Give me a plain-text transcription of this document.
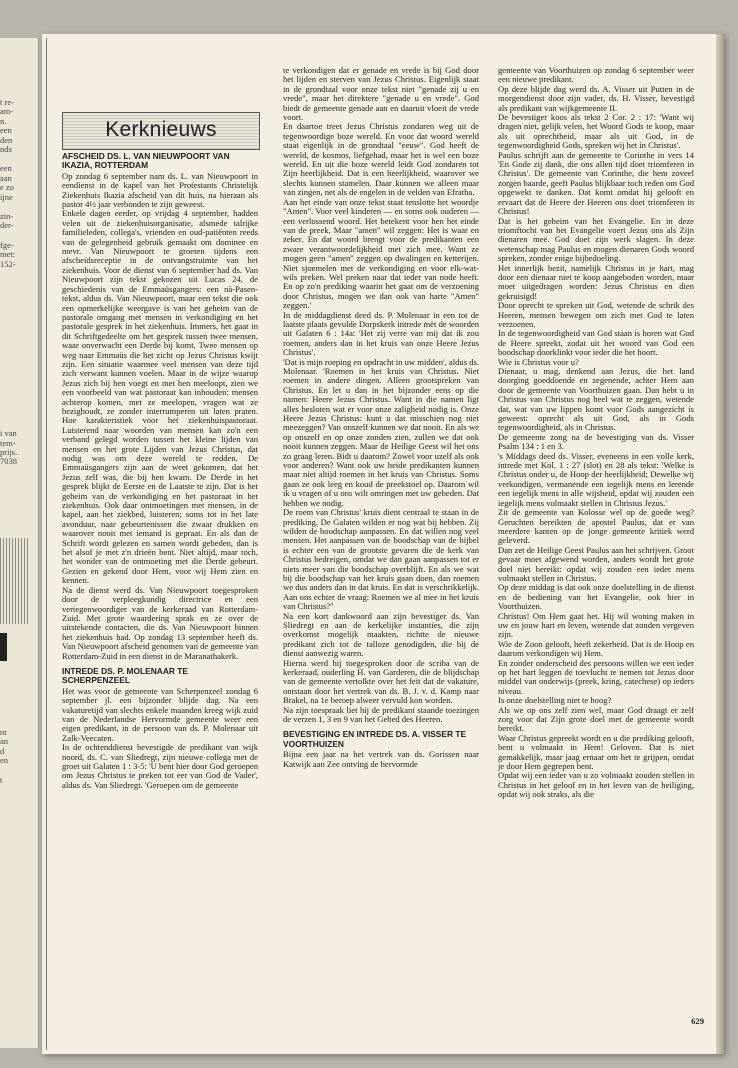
t re-
am-
n.
een
den
nds
een
aan
e zo
ijne
zin-
der-
fge-
met:
152-
i van
tem-
prijs.
7038
nt
an
d
en
t
Kerknieuws
AFSCHEID DS. L. VAN NIEUWPOORT VAN IKAZIA, ROTTERDAM

Op zondag 6 september nam ds. L. van Nieuwpoort in eendienst in de kapel van het Protestants Christelijk Ziekenhuis Ikazia afscheid van dit huis, na hieraan als pastor 4½ jaar verbonden te zijn geweest.

Enkele dagen eerder, op vrijdag 4 september, hadden velen uit de ziekenhuisorganisatie, alsmede talrijke familieleden, collega's, vrienden en oud-patiënten reeds van de gelegenheid gebruik gemaakt om dominee en mevr. Van Nieuwpoort te groeten tijdens een afscheidsreceptie in de ontvangstruimte van het ziekenhuis. Voor de dienst van 6 september had ds. Van Nieuwpoort zijn tekst gekozen uit Lucas 24, de geschiedenis van de Emmaüsgangers: een nà-Pasen-tekst, aldus ds. Van Nieuwpoort, maar een tekst die ook een opmerkelijke weergave is van het geheim van de pastorale omgang met mensen in verkondiging en het pastorale gesprek in het ziekenhuis. Immers, het gaat in dit Schriftgedeelte om het gesprek tussen twee mensen, waar onverwacht een Derde bij komt. Twee mensen op weg naar Emmaüs die het zicht op Jezus Christus kwijt zijn. Een situatie waarmee veel mensen van deze tijd zich verwant kunnen voelen. Maar in de wijze waarop Jezus zich bij hen voegt en met hen meeloopt, zien we een voorbeeld van wat pastoraat kan inhouden: mensen achterop komen, met ze meelopen, vragen wat ze bezighoudt, ze zonder interrumperen uit laten praten. Hoe karakteristiek voor het ziekenhuispastoraat. Luisterend naar woorden van mensen kan zo'n een verband gelegd worden tussen het kleine lijden van mensen en het grote Lijden van Jezus Christus, dat nodig was om deze wereld te redden. De Emmaüsgangers zijn aan de weet gekomen, dat het Jezus zelf was, die bij hen kwam. De Derde in het gesprek blijkt de Eerste en de Laatste te zijn. Dat is het geheim van de verkondiging en het pastoraat in het ziekenhuis. Ook daar ontmoetingen met mensen, in de kapel, aan het ziekbed, luisteren; soms tot in het late avonduur, naar gebeurtenissen die zwaar drukken en waarover nooit met iemand is gepraat. En als dan de Schrift wordt gelezen en samen wordt gebeden, dan is het alsof je met z'n drieën bent. Niet altijd, maar toch, het wonder van de ontmoeting met die Derde gebeurt. Gezien en gekend door Hem, voor wij Hem zien en kennen.

Na de dienst werd ds. Van Nieuwpoort toegesproken door de verpleegkundig directrice en een vertegenwoordiger van de kerkeraad van Rotterdam-Zuid. Met grote waardering sprak en ze over de uitstekende contacten, die ds. Van Nieuwpoort binnen het ziekenhuis had. Op zondag 13 september heeft ds. Van Nieuwpoort afscheid genomen van de gemeente van Rotterdam-Zuid in een dienst in de Maranathakerk.

INTREDE DS. P. MOLENAAR TE SCHERPENZEEL

Het was voor de gemeente van Scherpenzeel zondag 6 september jl. een bijzonder blijde dag. Na een vakaturetijd van slechts enkele maanden kreeg wijk zuid van de Nederlandse Hervormde gemeente weer een eigen predikant, in de persoon van ds. P. Molenaar uit Zalk-Veecaten.

In de ochtenddienst bevestigde de predikant van wijk noord, ds. C. van Sliedregt, zijn nieuwe collega met de groet uit Galaten 1 : 3-5: 'U bent hier door God geroepen om Jezus Christus te preken tot eer van God de Vader', aldus ds. Van Sliedregt. 'Geroepen om de gemeente

te verkondigen dat er genade en vrede is bij God door het lijden en sterven van Jezus Christus. Eigenlijk staat in de grondtaal voor onze tekst niet "genade zij u en vrede", maar het direktere "genade u en vrede". God biedt de gemeente genade aan en daaruit vloeit de vrede voort.

En daartoe treet Jezus Christus zondaren weg uit de tegenwoordige boze wereld. En voor dat woord wereld staat eigenlijk in de grondtaal "eeuw". God heeft de wereld, de kosmos, liefgehad, maar het is wel een boze wereld. En uit die boze wereld leidt God zondaren tot Zijn heerlijkheid. Dat is een heerlijkheid, waarover we slechts kunnen stamelen. Daar kunnen we alleen maar van zingen, net als de engelen in de velden van Efratha.

Aan het einde van onze tekst staat tenslotte het woordje "Amen". Voor veel kinderen — en soms ook ouderen — een verlossend woord. Het betekent voor hen het einde van de preek. Maar "amen" wil zeggen: Het is waar en zeker. En dat woord brengt voor de predikanten een zware verantwoordelijkheid met zich mee. Want ze mogen geen "amen" zeggen op dwalingen en ketterijen. Niet sjoemelen met de verkondiging en voor elk-wat-wils preken. Wel preken naar dat ieder van node heeft. En op zo'n prediking waarin het gaat om de verzoening door Christus, mogen we dan ook van harte "Amen" zeggen.'

In de middagdienst deed ds. P. Molenaar in een tot de laatste plaats gevulde Dorpskerk intrede mèt de woorden uit Galaten 6 : 14a: 'Het zij verre van mij dat ik zou roemen, anders dan in het kruis van onze Heere Jezus Christus'.

'Dat is mijn roeping en opdracht in uw midden', aldus ds. Molenaar. 'Roemen in het kruis van Christus. Niet roemen in andere dingen. Alleen grootspreken van Christus. En let u dan in het bijzonder eens op die namen: Heere Jezus Christus. Want in die namen ligt alles besloten wat er voor onze zaligheid nodig is. Onze Heere Jezus Christus: kunt u dat misschien nog niet meezeggen? Van onszelf kunnen we dat nooit. En als we op onszelf en op onze zonden zien, zullen we dat ook nooit kunnen zeggen. Maar de Heilige Geest wil het ons zo graag leren. Bidt u daarom? Zowel voor uzelf als ook voor anderen? Want ook uw heide predikanten kunnen maar niet altijd roemen in het kruis van Christus. Soms gaan ze ook leeg en koud de preekstoel op. Daarom wil ik u vragen of u ons wilt omringen met uw gebeden. Dat hebben we nodig.

De roem van Christus' kruis dient centraal te staan in de prediking. De Galaten wilden er nog wat bij hebben. Zij wilden de boodschap aanpassen. En dat willen nog veel mensen. Het aanpassen van de boodschap van de bijbel is echter een van de grootste gevaren die de kerk van Christus bedreigen, omdat we dan gaan aanpassen tot er niets meer van die boodschap overblijft. En als we wat bij die boodschap van het kruis gaan doen, dan roemen we dus anders dan in dat kruis. En dat is verschrikkelijk. Aan ons echter de vraag: Roemen we al mee in het kruis van Christus?"

Na een kort dankwoord aan zijn bevestiger ds. Van Sliedregt en aan de kerkelijke instanties, die zijn overkomst mogelijk maakten, richtte de nieuwe predikant zich tot de talloze genodigden, die bij de dienst aanwezig waren.

Hierna werd hij toegesproken door de scriba van de kerkeraad, ouderling H. van Garderen, die de blijdschap van de gemeente vertolkte over het feit dat de vakature, ontstaan door het vertrek van ds. B. J. v. d. Kamp naar Brakel, na 1e beroep alweer vervuld kon worden.

Na zijn toespraak liet hij de predikant staande toezingen de verzen 1, 3 en 9 van het Gebed des Heeren.

BEVESTIGING EN INTREDE DS. A. VISSER TE VOORTHUIZEN

Bijna een jaar na het vertrek van ds. Gorissen naar Katwijk aan Zee ontving de hervormde

gemeente van Voorthuizen op zondag 6 september weer een nieuwe predikant.

Op deze blijde dag werd ds. A. Visser uit Putten in de morgendienst door zijn vader, ds. H. Visser, bevestigd als predikant van wijkgemeente II.

De bevestiger koos als tekst 2 Cor. 2 : 17: 'Want wij dragen niet, gelijk velen, het Woord Gods te koop, maar als uit oprechtheid, maar als uit God, in de tegenwoordigheid Gods, spreken wij het in Christus'.

Paulus schrijft aan de gemeente te Corinthe in vers 14 'En Gode zij dank, die ons allen tijd doet triomferen in Christus'. De gemeente van Corinthe, die hem zoveel zorgen baarde, geeft Paulus blijkbaar toch reden om God opgewekt te danken. Dat komt omdat hij gelooft en ervaart dat de Heere der Heeren ons doet triomferen in Christus!

Dat is het geheim van het Evangelie. En in deze triomftocht van het Evangelie voert Jezus ons als Zijn dienaren mee. God doet zijn werk slagen. In deze wetenschap mag Paulus en mogen dienaren Gods woord spreken, zonder enige bijbedoeling.

Het innerlijk bezit, namelijk Christus in je hart, mag door een dienaar niet te koop aangeboden worden, maar moet uitgedragen worden: Jezus Christus en dien gekruisigd!

Door oprecht te spreken uit God, wetende de schrik des Heeren, mensen bewegen om zich met God te laten verzoenen.

In de tegenwoordigheid van God staan is horen wat God de Heere spreekt, zodat uit het woord van God een boodschap doorklinkt voor ieder die het hoort.

Wie is Christus voor u?

Dienaar, u mag, denkend aan Jezus, die het land doorging goeddoende en zegenende, achter Hem aan door de gemeente van Voorthuizen gaan. Dan hebt u in Christus van Christus nog heel wat te zeggen, wetende dat, wat van uw lippen komt voor Gods aangezicht is geweest: oprecht als uit God, als in Gods tegenwoordigheid, als in Christus.

De gemeente zong na de bevestiging van ds. Visser Psalm 134 : 1 en 3.

's Middags deed ds. Visser, eveneens in een volle kerk, intrede met Kol. 1 : 27 (slot) en 28 als tekst: 'Welke is Christus onder u, de Hoop der heerlijkheid; Dewelke wij verkondigen, vermanende een iegelijk mens en lerende een iegelijk mens in alle wijsheid, opdat wij zouden een iegelijk mens volmaakt stellen in Christus Jezus.'

Zit de gemeente van Kolosse wel op de goede weg? Geruchten bereikten de apostel Paulus, dat er van meerdere kanten op de jonge gemeente kritiek werd geleverd.

Dan zet de Heilige Geest Paulus aan het schrijven. Groot gevaar moet afgewend worden, anders wordt het grote doel niet bereikt: opdat wij zouden een ieder mens volmaakt stellen in Christus.

Op deze middag is dat ook onze doelstelling in de dienst en de bediening van het Evangelie, ook hier in Voorthuizen.

Christus! Om Hem gaat het. Hij wil woning maken in uw en jouw hart en leven, wetende dat zonden vergeven zijn.

Wie de Zoon gelooft, heeft zekerheid. Dat is de Hoop en daarom verkondigen wij Hem.

En zonder onderscheid des persoons willen we een ieder op het hart leggen de toevlucht te nemen tot Jezus door middel van onderwijs (preek, kring, catechese) op ieders niveau.

Is onze doelstelling niet te hoog?

Als we op ons zelf zien wel, maar God draagt er zelf zorg voor dat Zijn grote doel met de gemeente wordt bereikt.

Waar Christus gepreekt wordt en u die prediking gelooft, bent u volmaakt in Hem! Geloven. Dat is niet gemakkelijk, maar jaag ernaar om het te grijpen, omdat je door Hem gegrepen bent.

Opdat wij een ieder van u zo volmaakt zouden stellen in Christus in het geloof en in het leven van de heiliging, opdat wij ook straks, als die

629
